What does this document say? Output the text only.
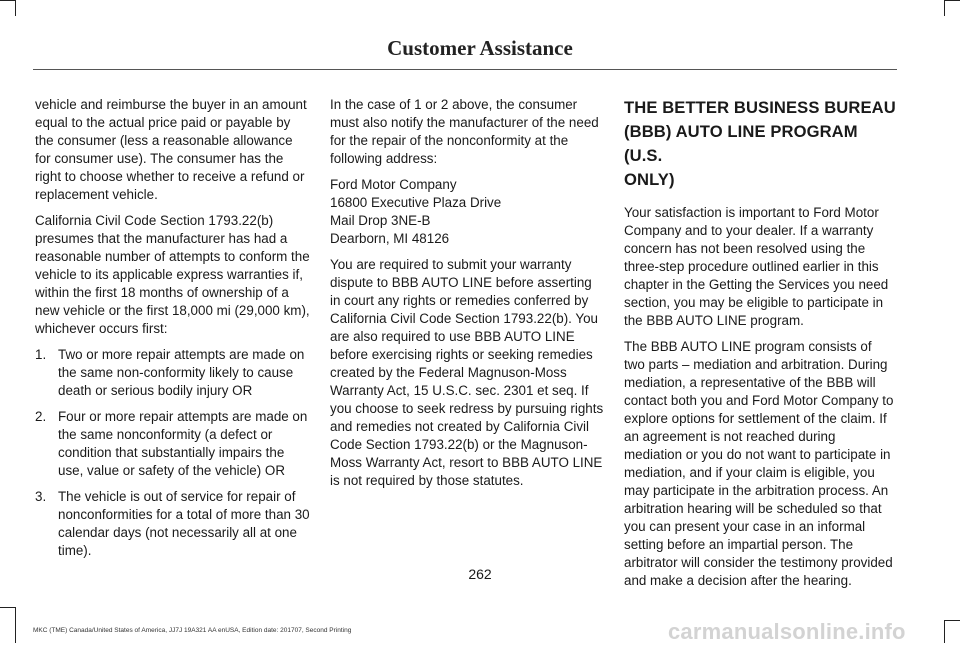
Customer Assistance

vehicle and reimburse the buyer in an amount equal to the actual price paid or payable by the consumer (less a reasonable allowance for consumer use). The consumer has the right to choose whether to receive a refund or replacement vehicle.

California Civil Code Section 1793.22(b) presumes that the manufacturer has had a reasonable number of attempts to conform the vehicle to its applicable express warranties if, within the first 18 months of ownership of a new vehicle or the first 18,000 mi (29,000 km), whichever occurs first:

1. Two or more repair attempts are made on the same non-conformity likely to cause death or serious bodily injury OR
2. Four or more repair attempts are made on the same nonconformity (a defect or condition that substantially impairs the use, value or safety of the vehicle) OR
3. The vehicle is out of service for repair of nonconformities for a total of more than 30 calendar days (not necessarily all at one time).

In the case of 1 or 2 above, the consumer must also notify the manufacturer of the need for the repair of the nonconformity at the following address:

Ford Motor Company
16800 Executive Plaza Drive
Mail Drop 3NE-B
Dearborn, MI 48126

You are required to submit your warranty dispute to BBB AUTO LINE before asserting in court any rights or remedies conferred by California Civil Code Section 1793.22(b). You are also required to use BBB AUTO LINE before exercising rights or seeking remedies created by the Federal Magnuson-Moss Warranty Act, 15 U.S.C. sec. 2301 et seq. If you choose to seek redress by pursuing rights and remedies not created by California Civil Code Section 1793.22(b) or the Magnuson-Moss Warranty Act, resort to BBB AUTO LINE is not required by those statutes.

THE BETTER BUSINESS BUREAU
(BBB) AUTO LINE PROGRAM (U.S.
ONLY)

Your satisfaction is important to Ford Motor Company and to your dealer. If a warranty concern has not been resolved using the three-step procedure outlined earlier in this chapter in the Getting the Services you need section, you may be eligible to participate in the BBB AUTO LINE program.

The BBB AUTO LINE program consists of two parts – mediation and arbitration. During mediation, a representative of the BBB will contact both you and Ford Motor Company to explore options for settlement of the claim. If an agreement is not reached during mediation or you do not want to participate in mediation, and if your claim is eligible, you may participate in the arbitration process. An arbitration hearing will be scheduled so that you can present your case in an informal setting before an impartial person. The arbitrator will consider the testimony provided and make a decision after the hearing.

262
MKC (TME) Canada/United States of America, JJ7J 19A321 AA enUSA, Edition date: 201707, Second Printing	carmanualsonline.info
